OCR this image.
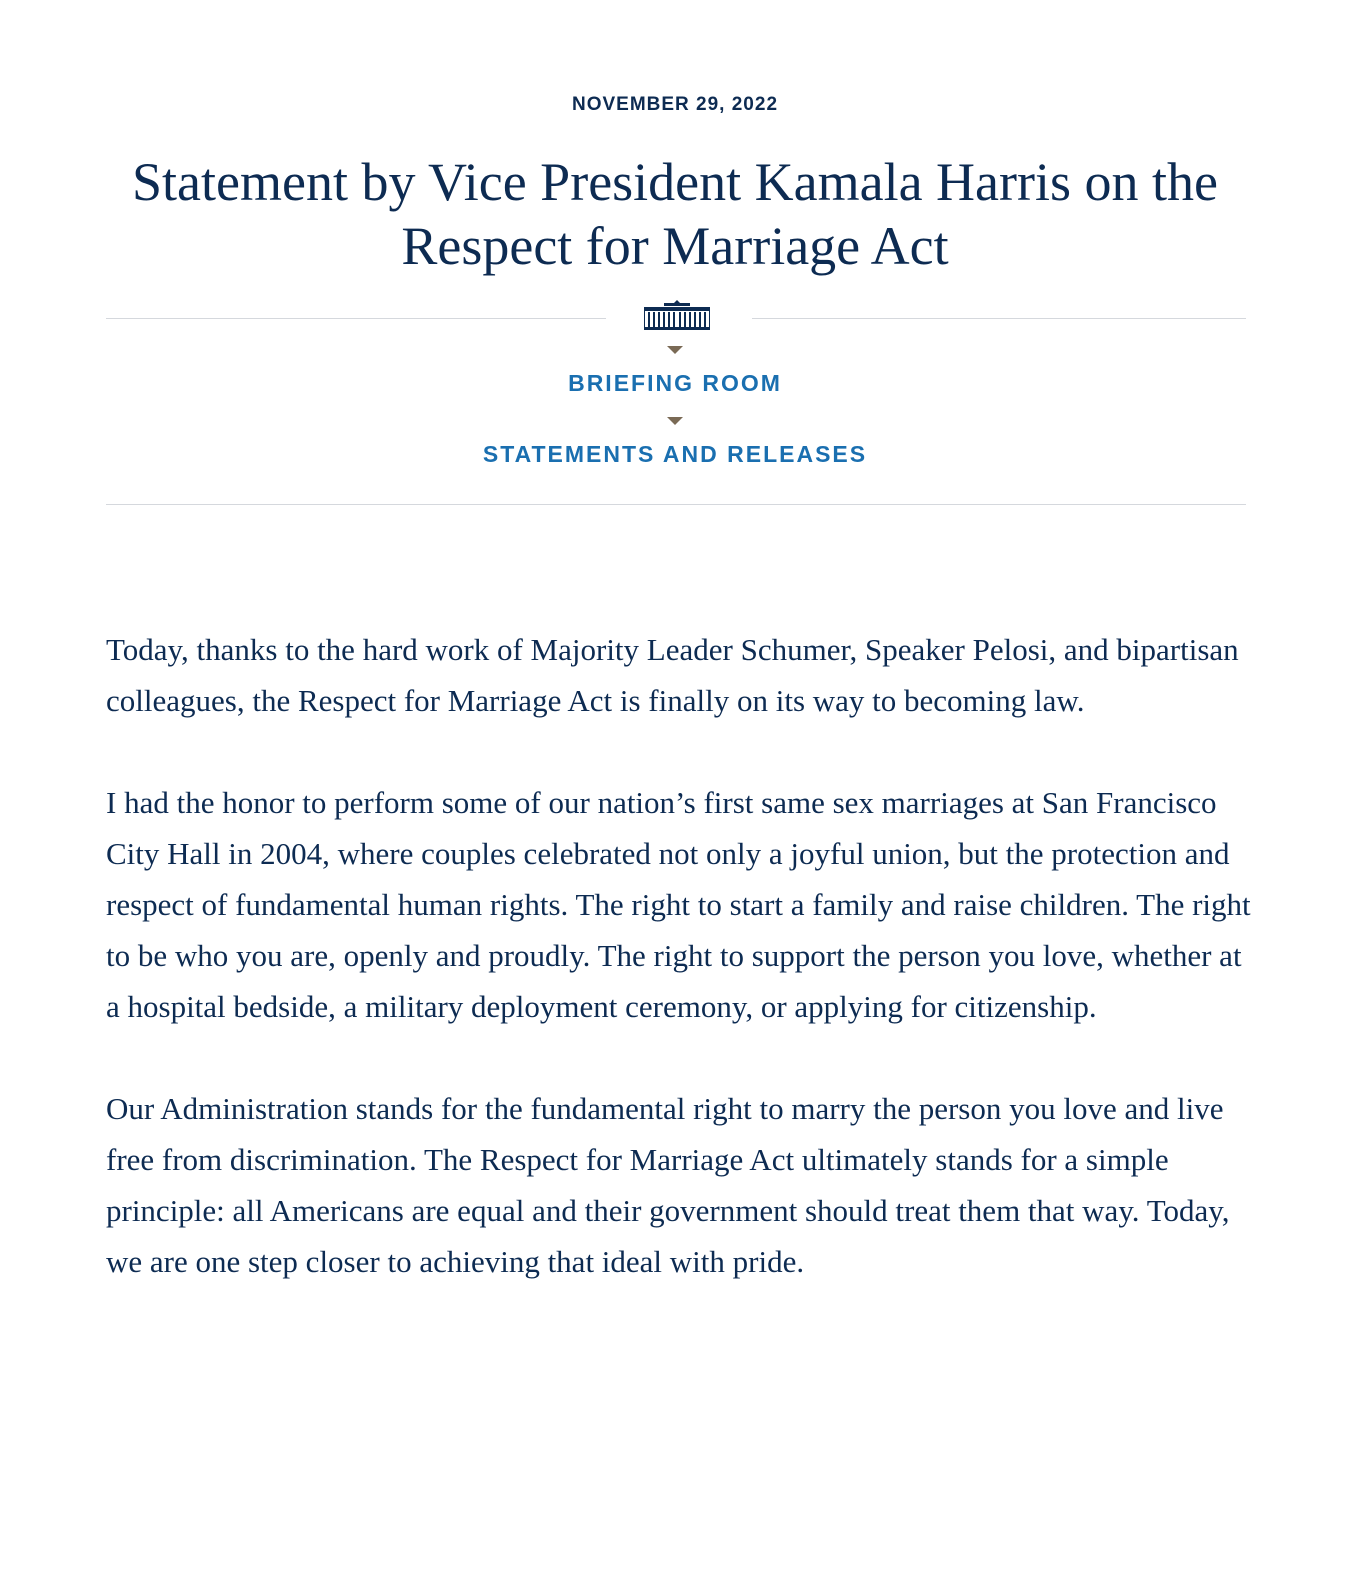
NOVEMBER 29, 2022
Statement by Vice President Kamala Harris on the Respect for Marriage Act
BRIEFING ROOM
STATEMENTS AND RELEASES

Today, thanks to the hard work of Majority Leader Schumer, Speaker Pelosi, and bipartisan colleagues, the Respect for Marriage Act is finally on its way to becoming law.

I had the honor to perform some of our nation’s first same sex marriages at San Francisco City Hall in 2004, where couples celebrated not only a joyful union, but the protection and respect of fundamental human rights. The right to start a family and raise children. The right to be who you are, openly and proudly. The right to support the person you love, whether at a hospital bedside, a military deployment ceremony, or applying for citizenship.

Our Administration stands for the fundamental right to marry the person you love and live free from discrimination. The Respect for Marriage Act ultimately stands for a simple principle: all Americans are equal and their government should treat them that way. Today, we are one step closer to achieving that ideal with pride.
